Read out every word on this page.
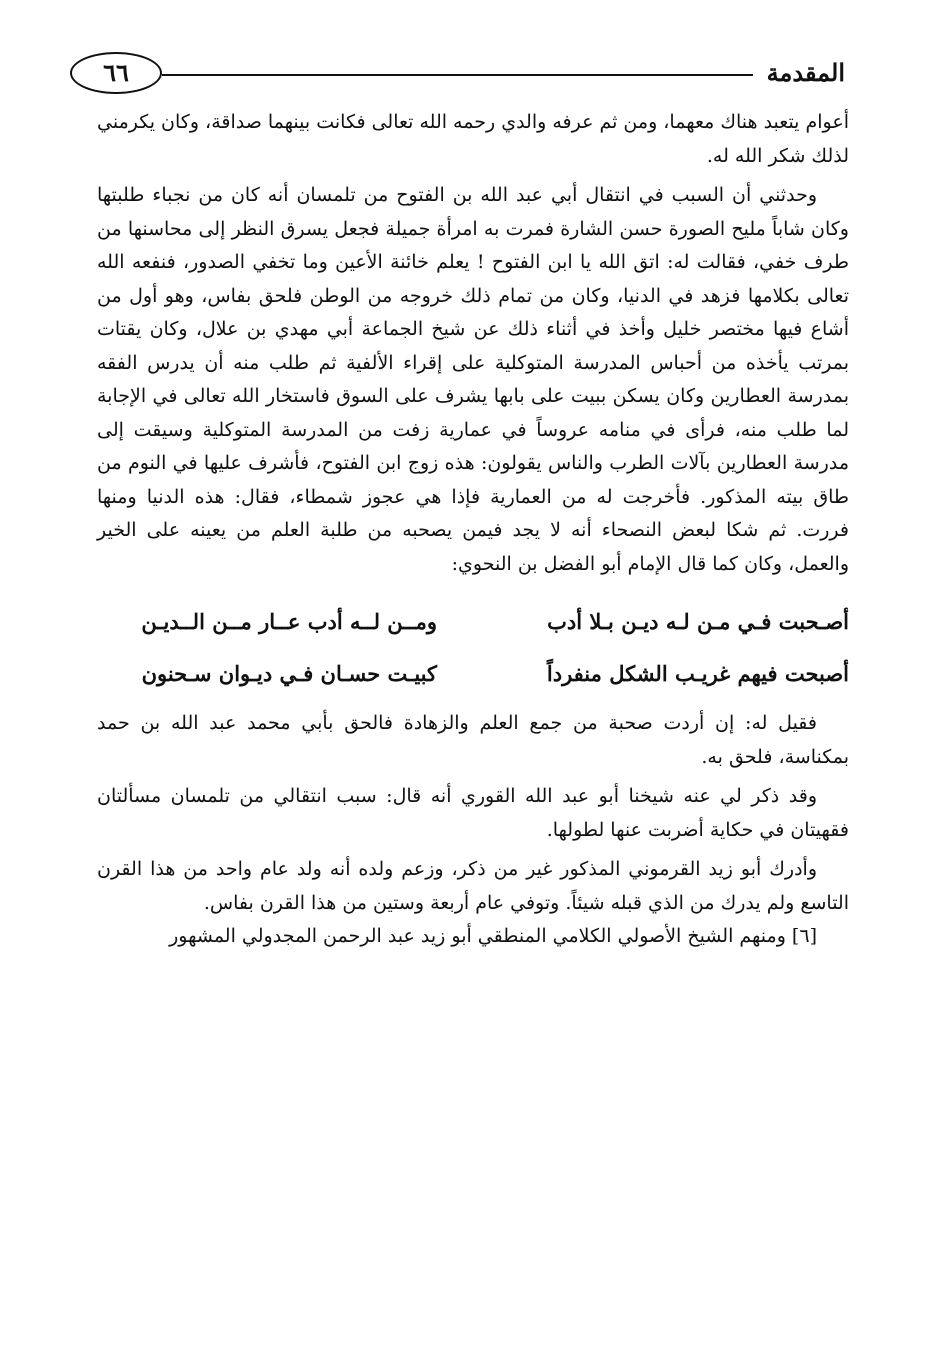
المقدمة
٦٦

أعوام يتعبد هناك معهما، ومن ثم عرفه والدي رحمه الله تعالى فكانت بينهما صداقة، وكان يكرمني لذلك شكر الله له.

وحدثني أن السبب في انتقال أبي عبد الله بن الفتوح من تلمسان أنه كان من نجباء طلبتها وكان شاباً مليح الصورة حسن الشارة فمرت به امرأة جميلة فجعل يسرق النظر إلى محاسنها من طرف خفي، فقالت له: اتق الله يا ابن الفتوح ! يعلم خائنة الأعين وما تخفي الصدور، فنفعه الله تعالى بكلامها فزهد في الدنيا، وكان من تمام ذلك خروجه من الوطن فلحق بفاس، وهو أول من أشاع فيها مختصر خليل وأخذ في أثناء ذلك عن شيخ الجماعة أبي مهدي بن علال، وكان يقتات بمرتب يأخذه من أحباس المدرسة المتوكلية على إقراء الألفية ثم طلب منه أن يدرس الفقه بمدرسة العطارين وكان يسكن ببيت على بابها يشرف على السوق فاستخار الله تعالى في الإجابة لما طلب منه، فرأى في منامه عروساً في عمارية زفت من المدرسة المتوكلية وسيقت إلى مدرسة العطارين بآلات الطرب والناس يقولون: هذه زوج ابن الفتوح، فأشرف عليها في النوم من طاق بيته المذكور. فأخرجت له من العمارية فإذا هي عجوز شمطاء، فقال: هذه الدنيا ومنها فررت. ثم شكا لبعض النصحاء أنه لا يجد فيمن يصحبه من طلبة العلم من يعينه على الخير والعمل، وكان كما قال الإمام أبو الفضل بن النحوي:

أصـحبت فـي مـن لـه ديـن بـلا أدب
ومــن لــه أدب عــار مــن الــديـن
أصبحت فيهم غريـب الشكل منفرداً
كبيـت حسـان فـي ديـوان سـحنون

فقيل له: إن أردت صحبة من جمع العلم والزهادة فالحق بأبي محمد عبد الله بن حمد بمكناسة، فلحق به.

وقد ذكر لي عنه شيخنا أبو عبد الله القوري أنه قال: سبب انتقالي من تلمسان مسألتان فقهيتان في حكاية أضربت عنها لطولها.

وأدرك أبو زيد القرموني المذكور غير من ذكر، وزعم ولده أنه ولد عام واحد من هذا القرن التاسع ولم يدرك من الذي قبله شيئاً. وتوفي عام أربعة وستين من هذا القرن بفاس.

[٦] ومنهم الشيخ الأصولي الكلامي المنطقي أبو زيد عبد الرحمن المجدولي المشهور
